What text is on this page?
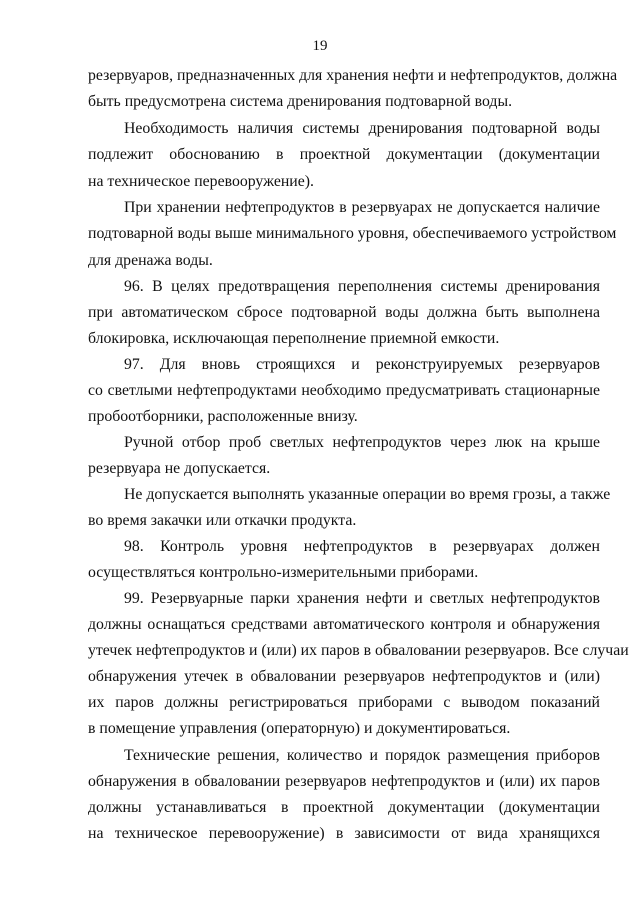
19
резервуаров, предназначенных для хранения нефти и нефтепродуктов, должна
быть предусмотрена система дренирования подтоварной воды.
Необходимость наличия системы дренирования подтоварной воды
подлежит обоснованию в проектной документации (документации
на техническое перевооружение).
При хранении нефтепродуктов в резервуарах не допускается наличие
подтоварной воды выше минимального уровня, обеспечиваемого устройством
для дренажа воды.
96. В целях предотвращения переполнения системы дренирования
при автоматическом сбросе подтоварной воды должна быть выполнена
блокировка, исключающая переполнение приемной емкости.
97. Для вновь строящихся и реконструируемых резервуаров
со светлыми нефтепродуктами необходимо предусматривать стационарные
пробоотборники, расположенные внизу.
Ручной отбор проб светлых нефтепродуктов через люк на крыше
резервуара не допускается.
Не допускается выполнять указанные операции во время грозы, а также
во время закачки или откачки продукта.
98. Контроль уровня нефтепродуктов в резервуарах должен
осуществляться контрольно-измерительными приборами.
99. Резервуарные парки хранения нефти и светлых нефтепродуктов
должны оснащаться средствами автоматического контроля и обнаружения
утечек нефтепродуктов и (или) их паров в обваловании резервуаров. Все случаи
обнаружения утечек в обваловании резервуаров нефтепродуктов и (или)
их паров должны регистрироваться приборами с выводом показаний
в помещение управления (операторную) и документироваться.
Технические решения, количество и порядок размещения приборов
обнаружения в обваловании резервуаров нефтепродуктов и (или) их паров
должны устанавливаться в проектной документации (документации
на техническое перевооружение) в зависимости от вида хранящихся
